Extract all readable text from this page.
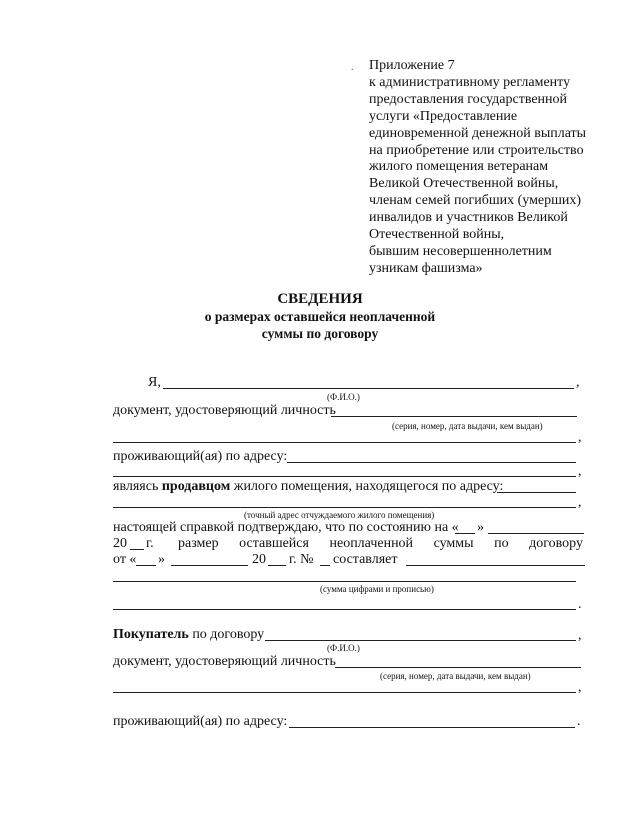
. Приложение 7
к административному регламенту
предоставления государственной
услуги «Предоставление
единовременной денежной выплаты
на приобретение или строительство
жилого помещения ветеранам
Великой Отечественной войны,
членам семей погибших (умерших)
инвалидов и участников Великой
Отечественной войны,
бывшим несовершеннолетним
узникам фашизма»
СВЕДЕНИЯ
о размерах оставшейся неоплаченной
суммы по договору
Я,	,
(Ф.И.О.)
документ, удостоверяющий личность
(серия, номер, дата выдачи, кем выдан)
,
проживающий(ая) по адресу:
,
являясь продавцом жилого помещения, находящегося по адресу:
,
(точный адрес отчуждаемого жилого помещения)
настоящей справкой подтверждаю, что по состоянию на « »
20 г. размер оставшейся неоплаченной суммы по договору
от « »	20 г. № составляет
(сумма цифрами и прописью)
.
Покупатель по договору	,
(Ф.И.О.)
документ, удостоверяющий личность
(серия, номер, дата выдачи, кем выдан)
,
проживающий(ая) по адресу:	.
